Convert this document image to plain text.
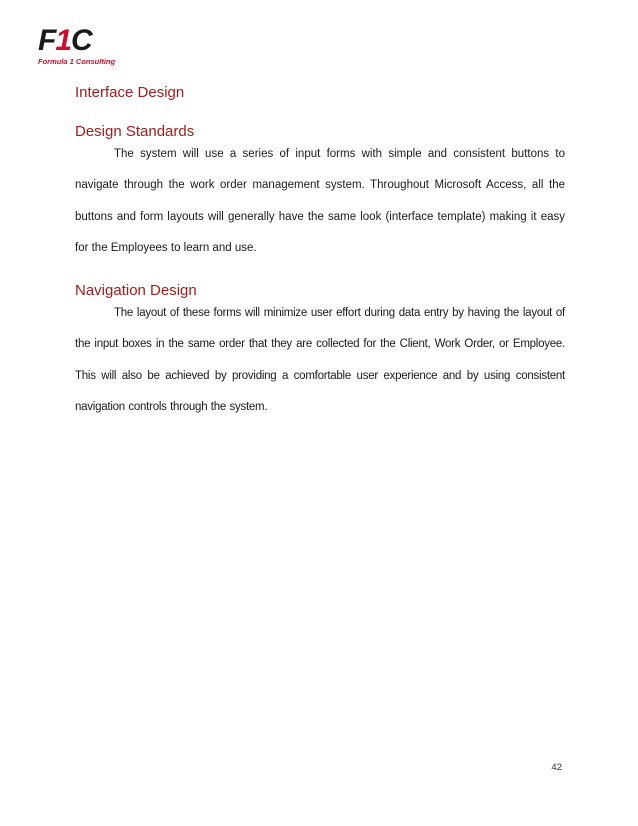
F1C
Formula 1 Consulting
Interface Design
Design Standards

The system will use a series of input forms with simple and consistent buttons to navigate through the work order management system. Throughout Microsoft Access, all the buttons and form layouts will generally have the same look (interface template) making it easy for the Employees to learn and use.

Navigation Design

The layout of these forms will minimize user effort during data entry by having the layout of the input boxes in the same order that they are collected for the Client, Work Order, or Employee. This will also be achieved by providing a comfortable user experience and by using consistent navigation controls through the system.

42
